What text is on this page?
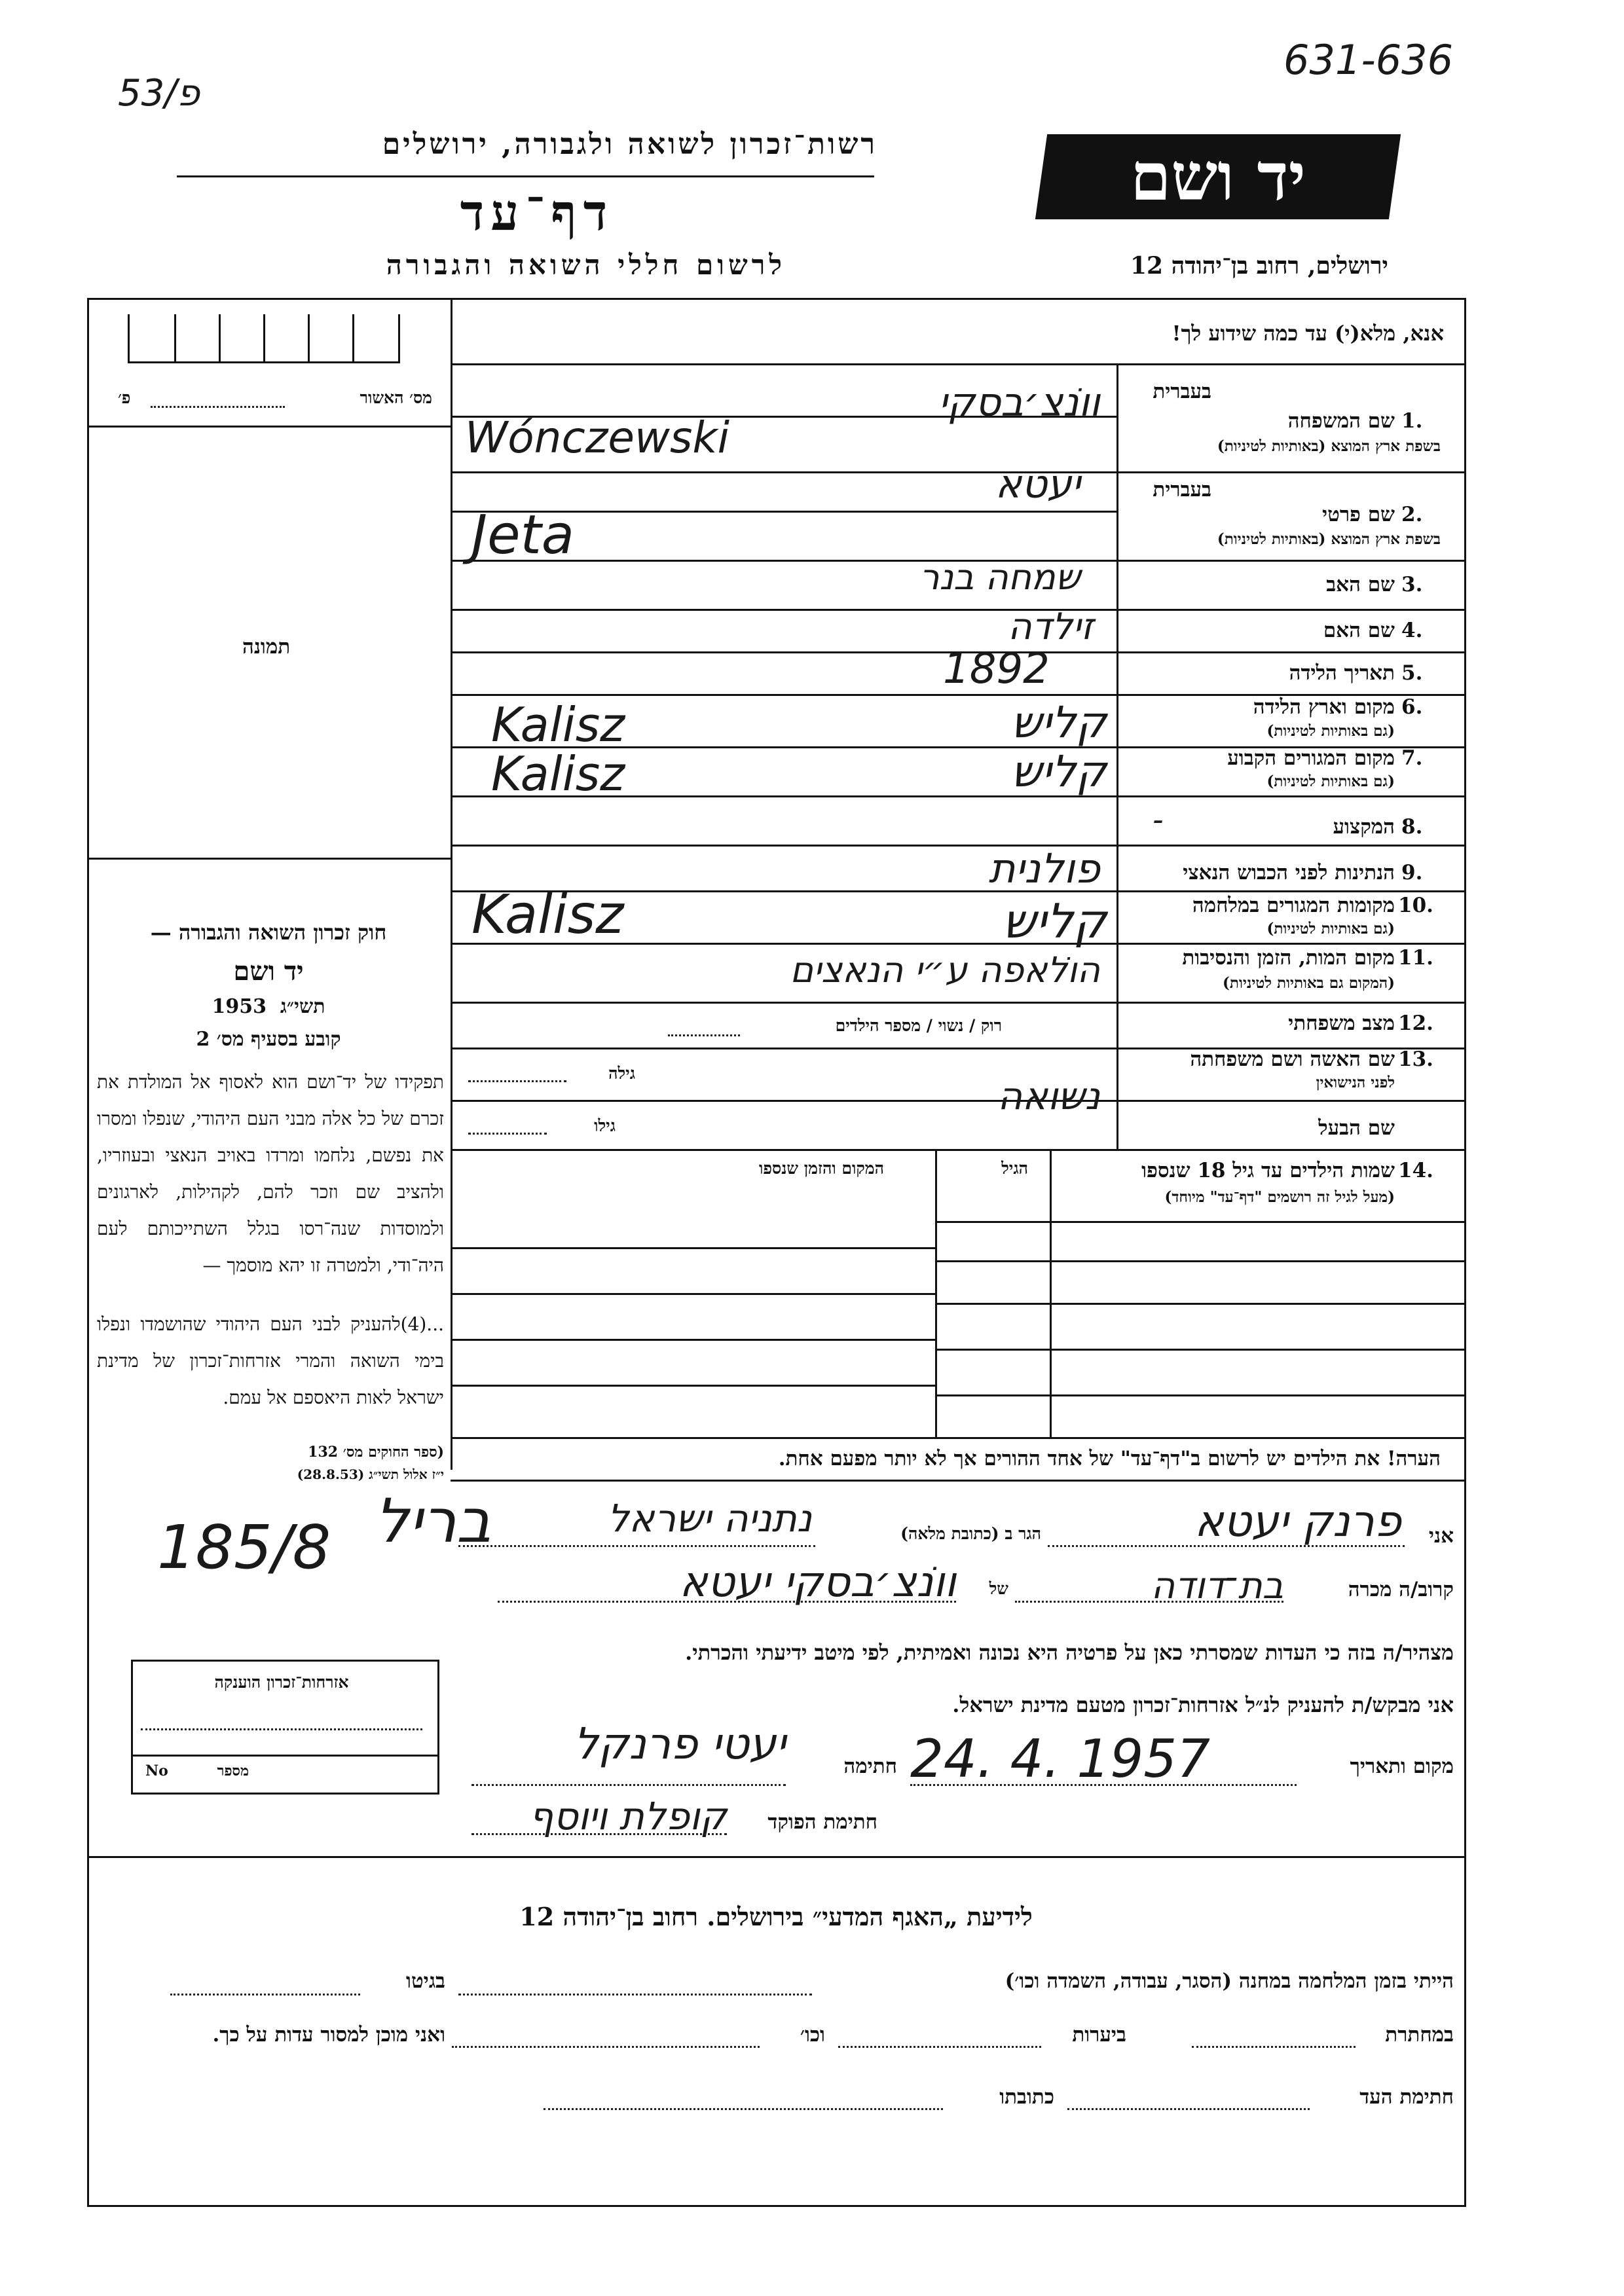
53/פ
631-636
רשות־זכרון לשואה ולגבורה, ירושלים	יד ושם
דף־עד
לרשום חללי השואה והגבורה	ירושלים, רחוב בן־יהודה 12
אנא, מלא(י) עד כמה שידוע לך!
מס׳ האשור
פ׳
תמונה
בעברית
שם המשפחה 1.
בשפת ארץ המוצא (באותיות לטיניות)
ווֹנצ׳בסקי
Wónczewski
בעברית
שם פרטי 2.
בשפת ארץ המוצא (באותיות לטיניות)
יעטא
Jeta
שם האב 3.
שמחה בנר
שם האם 4.
זילדה
תאריך הלידה 5.
1892
מקום וארץ הלידה 6.
(גם באותיות לטיניות)
קליש
Kalisz
מקום המגורים הקבוע 7.
(גם באותיות לטיניות)
קליש
Kalisz
המקצוע 8.
-
הנתינות לפני הכבוש הנאצי 9.
פולנית
מקומות המגורים במלחמה 10.
(גם באותיות לטיניות)
קליש
Kalisz
מקום המות, הזמן והנסיבות 11.
(המקום גם באותיות לטיניות)
הוֹלאפה ע״י הנאצים
מצב משפחתי 12.
רוק / נשוי / מספר הילדים
שם האשה ושם משפחתה 13.
לפני הנישואין
גילה
נשואה
שם הבעל
גילו
שמות הילדים עד גיל 18 שנספו 14.
(מעל לגיל זה רושמים "דף־עד" מיוחד)
הגיל
המקום והזמן שנספו
הערה! את הילדים יש לרשום ב"דף־עד" של אחד ההורים אך לא יותר מפעם אחת.
חוק זכרון השואה והגבורה —
יד ושם
1953 תשי״ג
קובע בסעיף מס׳ 2
תפקידו של יד־ושם הוא לאסוף אל המולדת את זכרם של כל אלה מבני העם היהודי, שנפלו ומסרו את נפשם, נלחמו ומרדו באויב הנאצי ובעוזריו, ולהציב שם וזכר להם, לקהילות, לארגונים ולמוסדות שנה־רסו בגלל השתייכותם לעם היה־ודי, ולמטרה זו יהא מוסמך —
...(4)להעניק לבני העם היהודי שהושמדו ונפלו בימי השואה והמרי אזרחות־זכרון של מדינת ישראל לאות היאספם אל עמם.
(ספר החוקים מס׳ 132
י״ז אלול תשי״ג (28.8.53)
אני
פרנק יעטא
הגר ב (כתובת מלאה)
נתניה ישראל
קרוב/ה מכרה
בת־דודה
של
ווֹנצ׳בסקי יעטא
מצהיר/ה בזה כי העדות שמסרתי כאן על פרטיה היא נכונה ואמיתית, לפי מיטב ידיעתי והכרתי.
אני מבקש/ת להעניק לנ״ל אזרחות־זכרון מטעם מדינת ישראל.
מקום ותאריך
24. 4. 1957
חתימה
יעטי פרנקל
חתימת הפוקד
קופלת ויוסף
185/8 בריל
אזרחות־זכרון הוענקה
מספר
No
לידיעת „האגף המדעי״ בירושלים. רחוב בן־יהודה 12
הייתי בזמן המלחמה במחנה (הסגר, עבודה, השמדה וכו׳)
בגיטו
במחתרת
ביערות
וכו׳
ואני מוכן למסור עדות על כך.
חתימת העד
כתובתו
